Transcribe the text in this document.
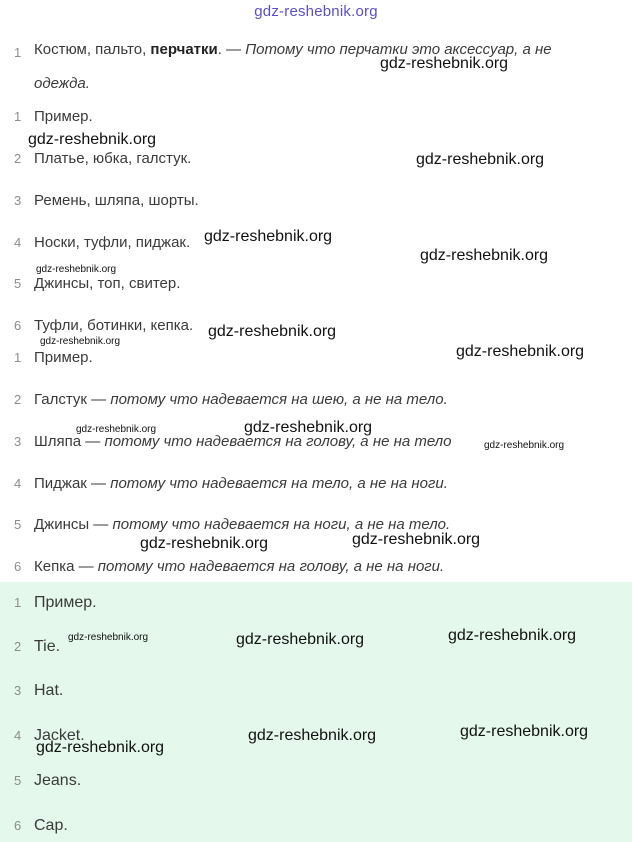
gdz-reshebnik.org
1 Костюм, пальто, перчатки. — Потому что перчатки это аксессуар, а не одежда.
1 Пример.
2 Платье, юбка, галстук.
3 Ремень, шляпа, шорты.
4 Носки, туфли, пиджак.
5 Джинсы, топ, свитер.
6 Туфли, ботинки, кепка.
1 Пример.
2 Галстук — потому что надевается на шею, а не на тело.
3 Шляпа — потому что надевается на голову, а не на тело
4 Пиджак — потому что надевается на тело, а не на ноги.
5 Джинсы — потому что надевается на ноги, а не на тело.
6 Кепка — потому что надевается на голову, а не на ноги.
1 Пример.
2 Tie.
3 Hat.
4 Jacket.
5 Jeans.
6 Cap.
gdz-reshebnik.org
gdz-reshebnik.org
gdz-reshebnik.org
gdz-reshebnik.org
gdz-reshebnik.org
gdz-reshebnik.org
gdz-reshebnik.org
gdz-reshebnik.org
gdz-reshebnik.org
gdz-reshebnik.org	gdz-reshebnik.org
gdz-reshebnik.org
gdz-reshebnik.org	gdz-reshebnik.org
gdz-reshebnik.org	gdz-reshebnik.org	gdz-reshebnik.org
gdz-reshebnik.org	gdz-reshebnik.org
gdz-reshebnik.org
